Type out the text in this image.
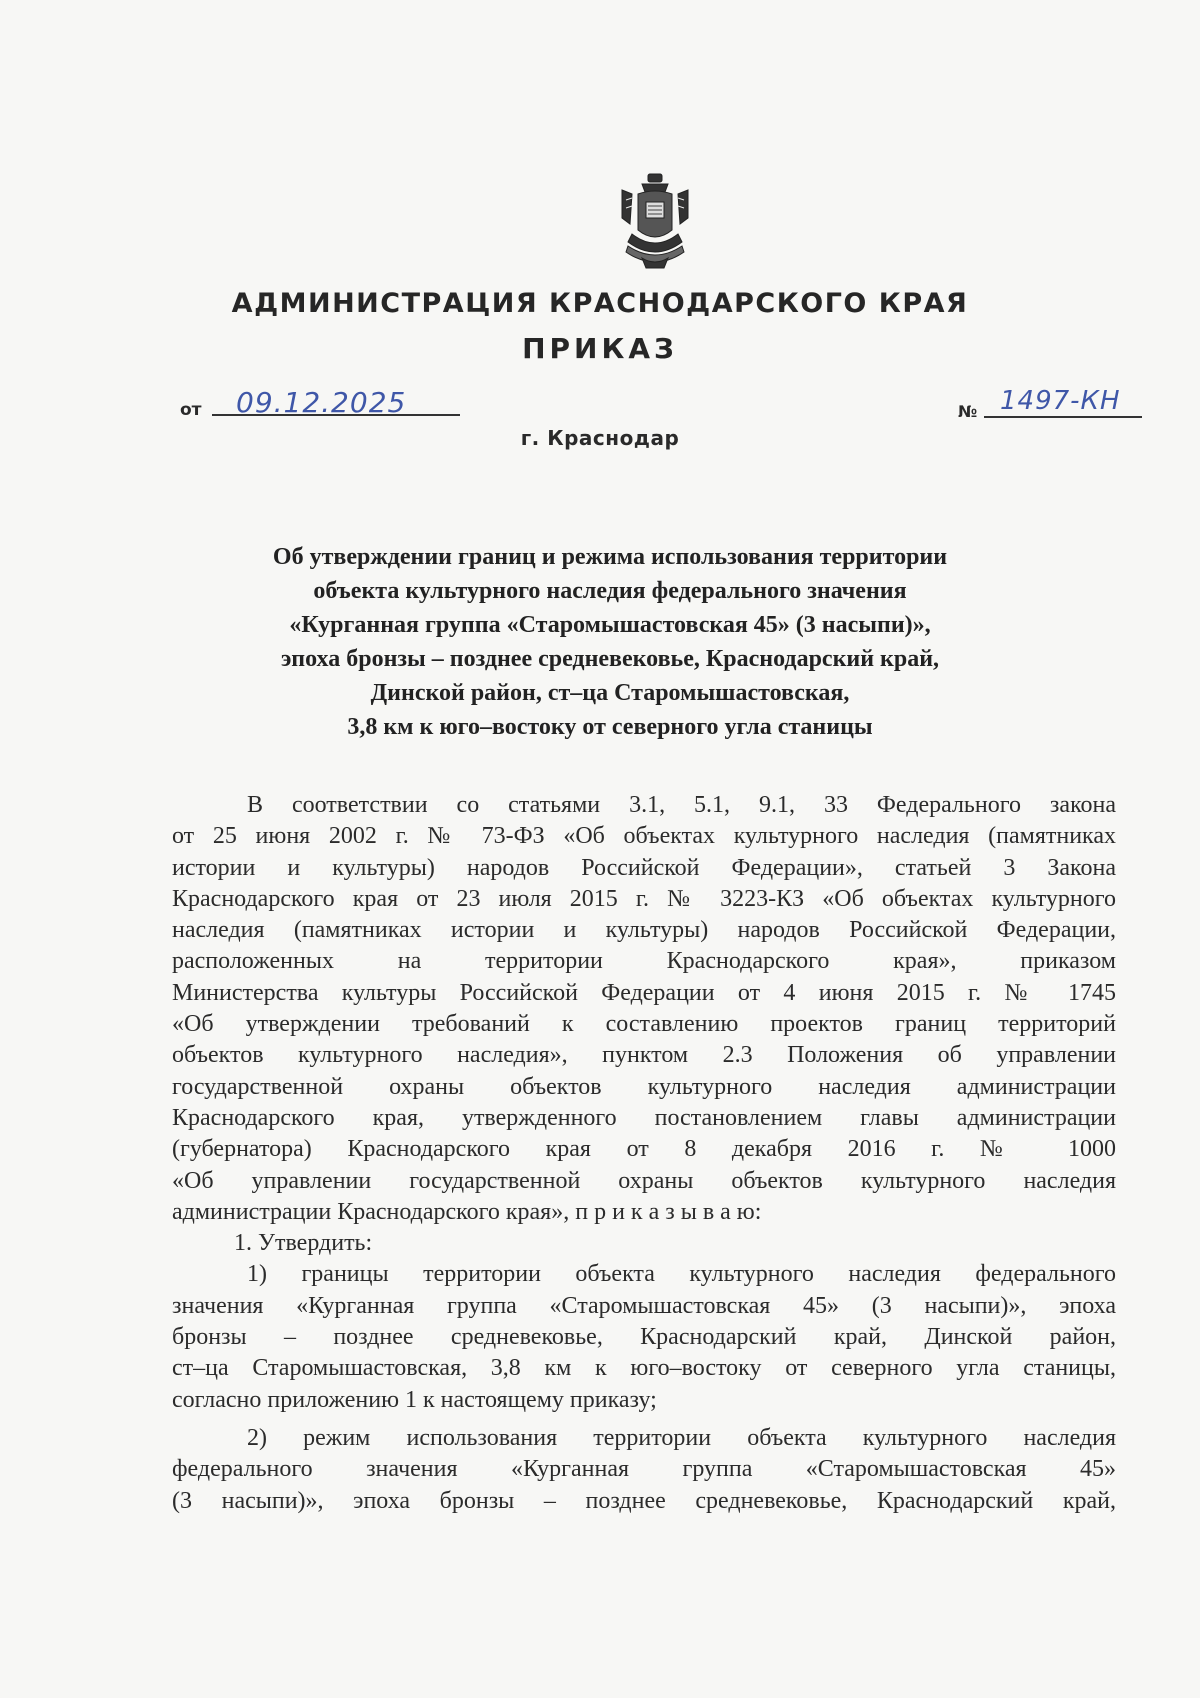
АДМИНИСТРАЦИЯ КРАСНОДАРСКОГО КРАЯ
ПРИКАЗ
от 09.12.2025
г. Краснодар
№ 1497-КН
Об утверждении границ и режима использования территории
объекта культурного наследия федерального значения
«Курганная группа «Старомышастовская 45» (3 насыпи)»,
эпоха бронзы – позднее средневековье, Краснодарский край,
Динской район, ст–ца Старомышастовская,
3,8 км к юго–востоку от северного угла станицы
В соответствии со статьями 3.1, 5.1, 9.1, 33 Федерального закона
от 25 июня 2002 г. № 73-ФЗ «Об объектах культурного наследия (памятниках
истории и культуры) народов Российской Федерации», статьей 3 Закона
Краснодарского края от 23 июля 2015 г. № 3223-КЗ «Об объектах культурного
наследия (памятниках истории и культуры) народов Российской Федерации,
расположенных на территории Краснодарского края», приказом
Министерства культуры Российской Федерации от 4 июня 2015 г. № 1745
«Об утверждении требований к составлению проектов границ территорий
объектов культурного наследия», пунктом 2.3 Положения об управлении
государственной охраны объектов культурного наследия администрации
Краснодарского края, утвержденного постановлением главы администрации
(губернатора) Краснодарского края от 8 декабря 2016 г. № 1000
«Об управлении государственной охраны объектов культурного наследия
администрации Краснодарского края», п р и к а з ы в а ю:
1. Утвердить:
1) границы территории объекта культурного наследия федерального
значения «Курганная группа «Старомышастовская 45» (3 насыпи)», эпоха
бронзы – позднее средневековье, Краснодарский край, Динской район,
ст–ца Старомышастовская, 3,8 км к юго–востоку от северного угла станицы,
согласно приложению 1 к настоящему приказу;
2) режим использования территории объекта культурного наследия
федерального значения «Курганная группа «Старомышастовская 45»
(3 насыпи)», эпоха бронзы – позднее средневековье, Краснодарский край,
